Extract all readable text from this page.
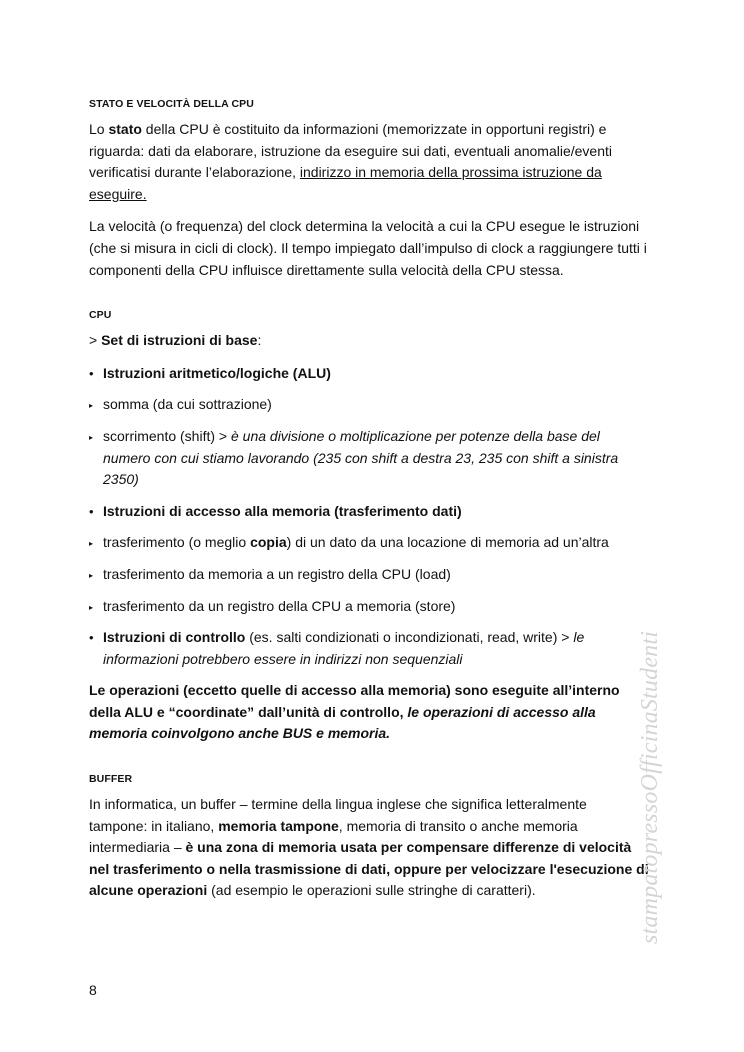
STATO E VELOCITÀ DELLA CPU

Lo stato della CPU è costituito da informazioni (memorizzate in opportuni registri) e riguarda: dati da elaborare, istruzione da eseguire sui dati, eventuali anomalie/eventi verificatisi durante l’elaborazione, indirizzo in memoria della prossima istruzione da eseguire.

La velocità (o frequenza) del clock determina la velocità a cui la CPU esegue le istruzioni (che si misura in cicli di clock). Il tempo impiegato dall’impulso di clock a raggiungere tutti i componenti della CPU influisce direttamente sulla velocità della CPU stessa.

CPU

> Set di istruzioni di base:

• Istruzioni aritmetico/logiche (ALU)
▸ somma (da cui sottrazione)
▸ scorrimento (shift) > è una divisione o moltiplicazione per potenze della base del numero con cui stiamo lavorando (235 con shift a destra 23, 235 con shift a sinistra 2350)
• Istruzioni di accesso alla memoria (trasferimento dati)
▸ trasferimento (o meglio copia) di un dato da una locazione di memoria ad un’altra
▸ trasferimento da memoria a un registro della CPU (load)
▸ trasferimento da un registro della CPU a memoria (store)
• Istruzioni di controllo (es. salti condizionati o incondizionati, read, write) > le informazioni potrebbero essere in indirizzi non sequenziali

Le operazioni (eccetto quelle di accesso alla memoria) sono eseguite all’interno della ALU e “coordinate” dall’unità di controllo, le operazioni di accesso alla memoria coinvolgono anche BUS e memoria.

BUFFER

In informatica, un buffer – termine della lingua inglese che significa letteralmente tampone: in italiano, memoria tampone, memoria di transito o anche memoria intermediaria – è una zona di memoria usata per compensare differenze di velocità nel trasferimento o nella trasmissione di dati, oppure per velocizzare l'esecuzione di alcune operazioni (ad esempio le operazioni sulle stringhe di caratteri).

8
stampatopressoOfficinaStudenti
